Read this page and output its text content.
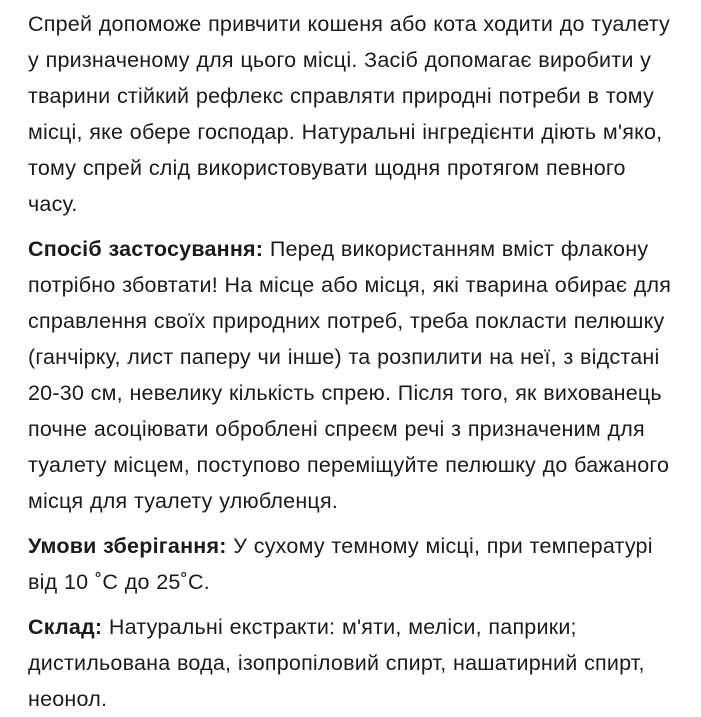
Спрей допоможе привчити кошеня або кота ходити до туалету у призначеному для цього місці. Засіб допомагає виробити у тварини стійкий рефлекс справляти природні потреби в тому місці, яке обере господар. Натуральні інгредієнти діють м'яко, тому спрей слід використовувати щодня протягом певного часу.

Спосіб застосування: Перед використанням вміст флакону потрібно збовтати! На місце або місця, які тварина обирає для справлення своїх природних потреб, треба покласти пелюшку (ганчірку, лист паперу чи інше) та розпилити на неї, з відстані 20-30 см, невелику кількість спрею. Після того, як вихованець почне асоціювати оброблені спреєм речі з призначеним для туалету місцем, поступово переміщуйте пелюшку до бажаного місця для туалету улюбленця.

Умови зберігання: У сухому темному місці, при температурі від 10 ˚С до 25˚С.

Склад: Натуральні екстракти: м'яти, меліси, паприки; дистильована вода, ізопропіловий спирт, нашатирний спирт, неонол.
